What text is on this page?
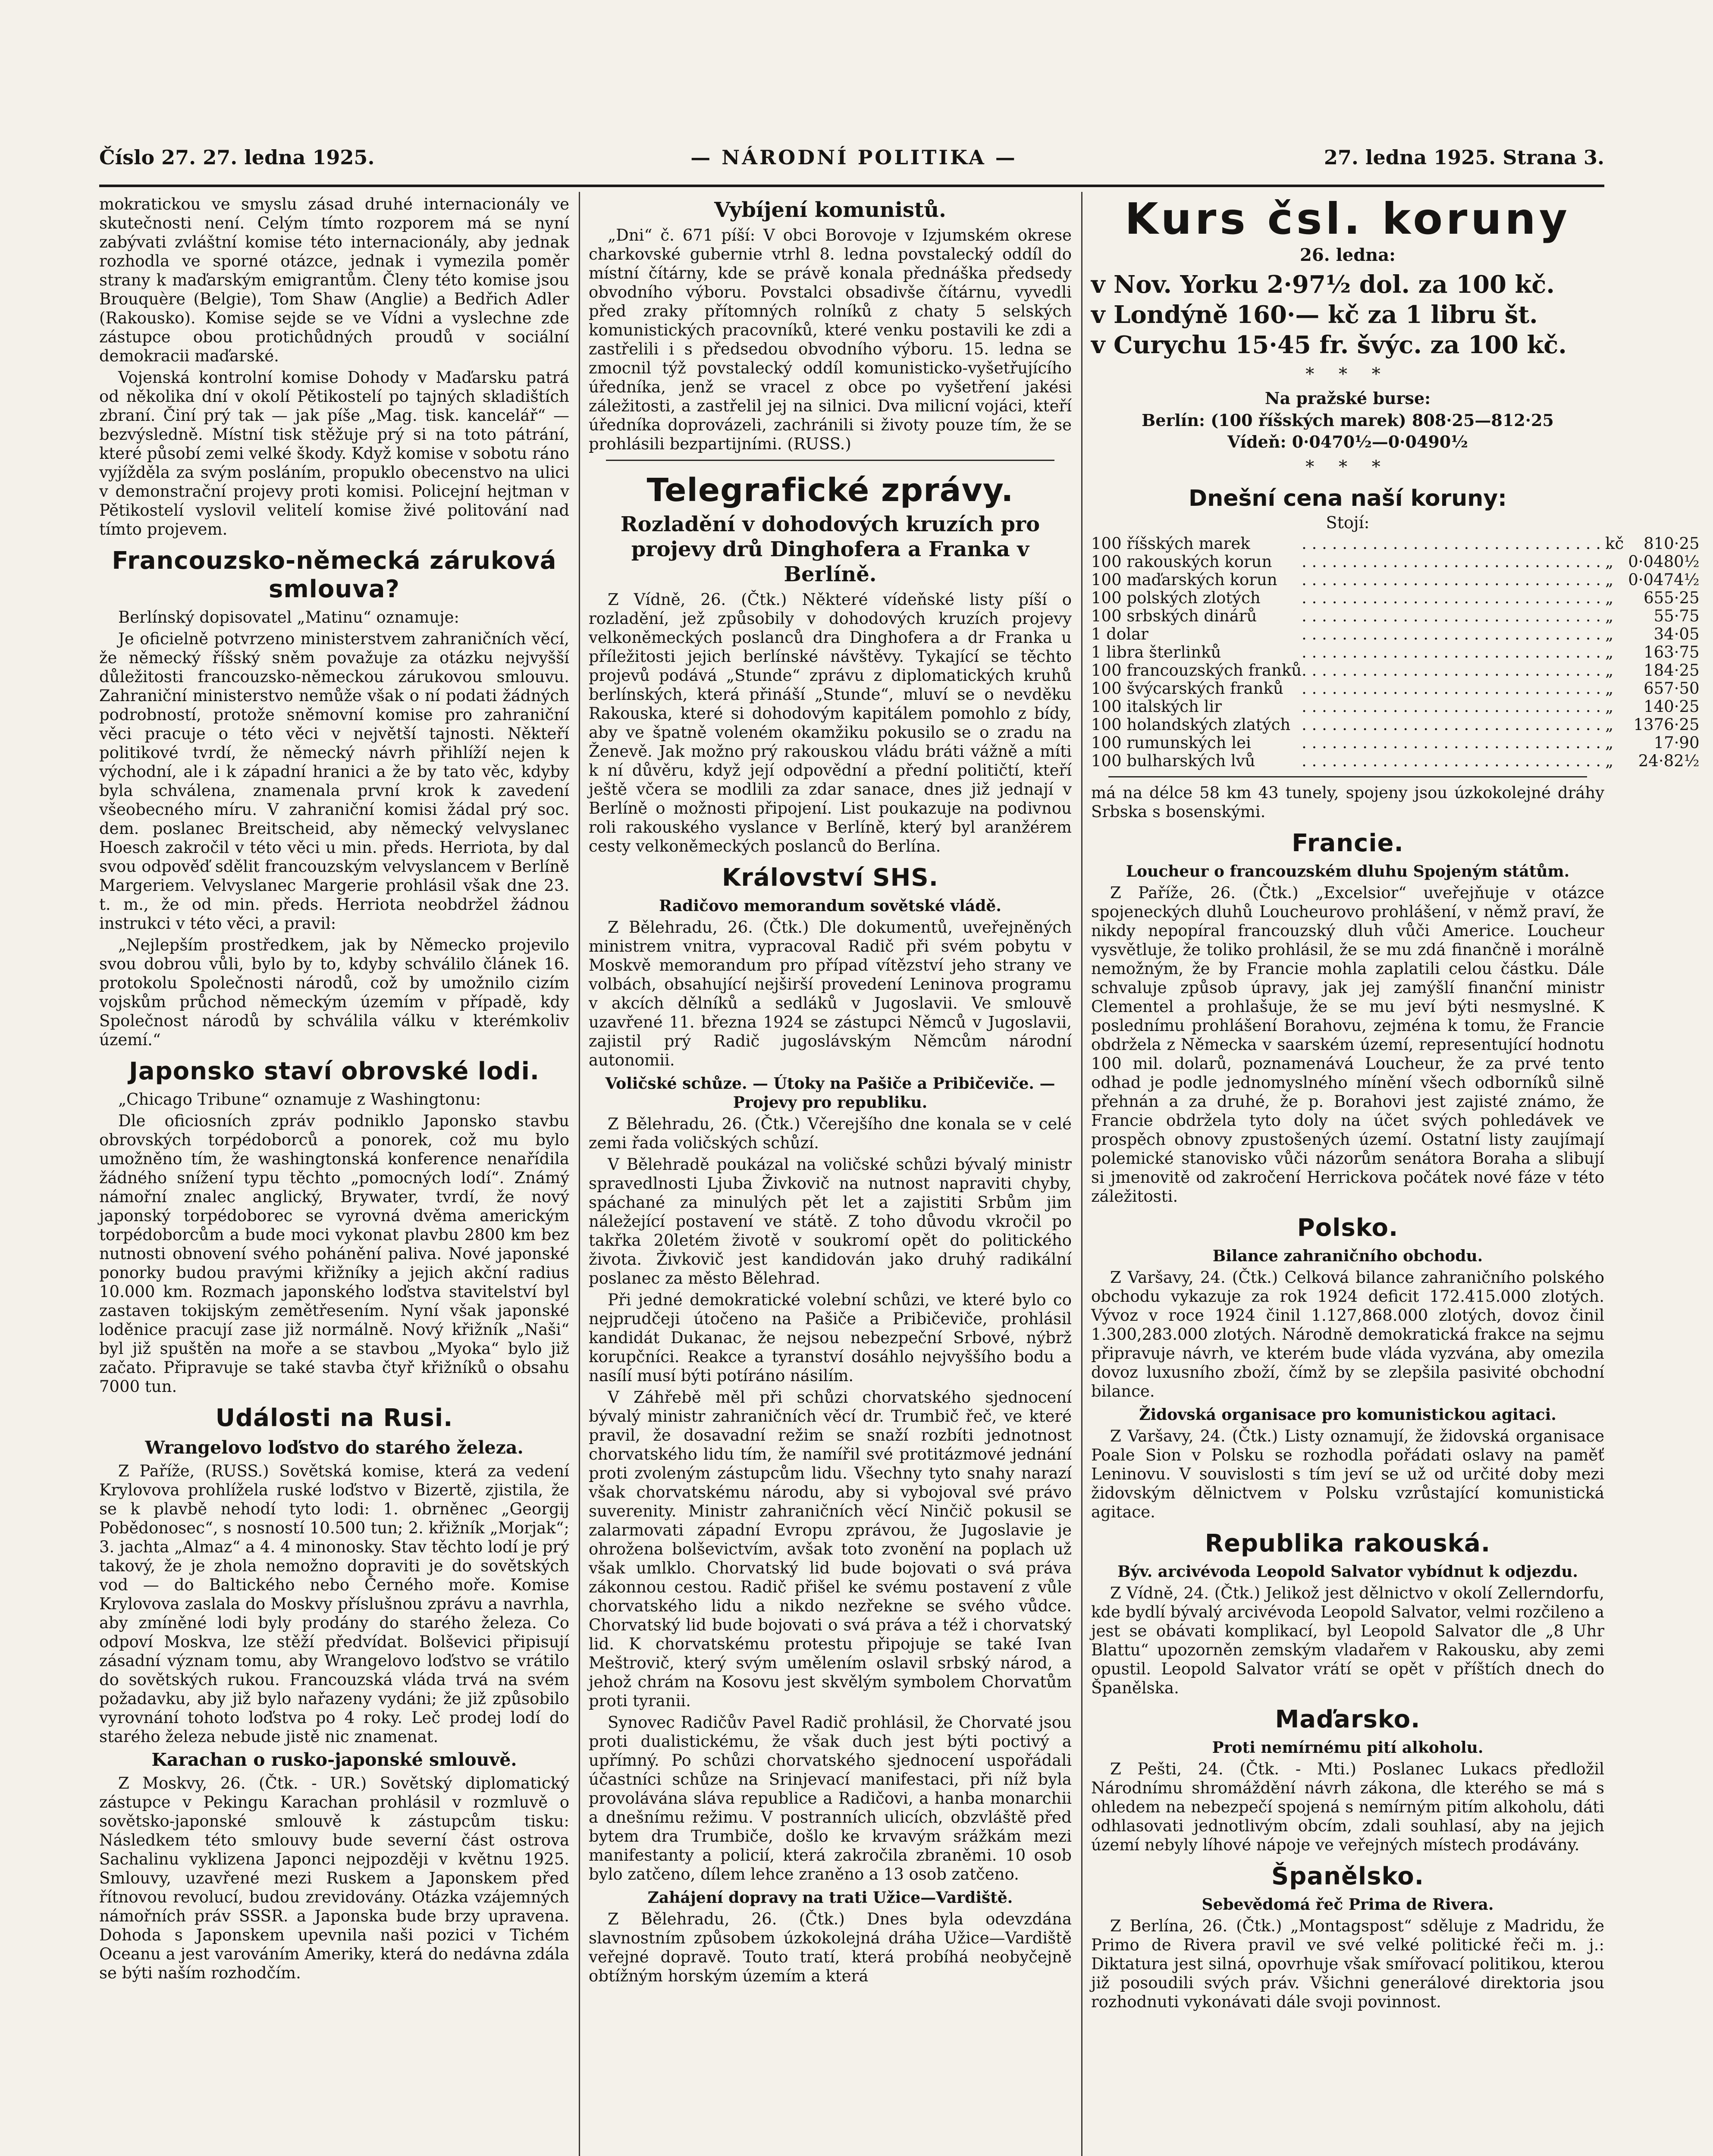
Číslo 27. 27. ledna 1925.	— NÁRODNÍ POLITIKA —	27. ledna 1925. Strana 3.

mokratickou ve smyslu zásad druhé internacionály ve skutečnosti není. Celým tímto rozporem má se nyní zabývati zvláštní komise této internacionály, aby jednak rozhodla ve sporné otázce, jednak i vymezila poměr strany k maďarským emigrantům. Členy této komise jsou Brouquère (Belgie), Tom Shaw (Anglie) a Bedřich Adler (Rakousko). Komise sejde se ve Vídni a vyslechne zde zástupce obou protichůdných proudů v sociální demokracii maďarské.

Vojenská kontrolní komise Dohody v Maďarsku patrá od několika dní v okolí Pětikostelí po tajných skladištích zbraní. Činí prý tak — jak píše „Mag. tisk. kancelář“ — bezvýsledně. Místní tisk stěžuje prý si na toto pátrání, které působí zemi velké škody. Když komise v sobotu ráno vyjížděla za svým posláním, propuklo obecenstvo na ulici v demonstrační projevy proti komisi. Policejní hejtman v Pětikostelí vyslovil velitelí komise živé politování nad tímto projevem.

Francouzsko-německá záruková smlouva?

Berlínský dopisovatel „Matinu“ oznamuje:

Je oficielně potvrzeno ministerstvem zahraničních věcí, že německý říšský sněm považuje za otázku nejvyšší důležitosti francouzsko-německou zárukovou smlouvu. Zahraniční ministerstvo nemůže však o ní podati žádných podrobností, protože sněmovní komise pro zahraniční věci pracuje o této věci v největší tajnosti. Někteří politikové tvrdí, že německý návrh přihlíží nejen k východní, ale i k západní hranici a že by tato věc, kdyby byla schválena, znamenala první krok k zavedení všeobecného míru. V zahraniční komisi žádal prý soc. dem. poslanec Breitscheid, aby německý velvyslanec Hoesch zakročil v této věci u min. předs. Herriota, by dal svou odpověď sdělit francouzským velvyslancem v Berlíně Margeriem. Velvyslanec Margerie prohlásil však dne 23. t. m., že od min. předs. Herriota neobdržel žádnou instrukci v této věci, a pravil:

„Nejlepším prostředkem, jak by Německo projevilo svou dobrou vůli, bylo by to, kdyby schválilo článek 16. protokolu Společnosti národů, což by umožnilo cizím vojskům průchod německým územím v případě, kdy Společnost národů by schválila válku v kterémkoliv území.“

Japonsko staví obrovské lodi.

„Chicago Tribune“ oznamuje z Washingtonu:

Dle oficiosních zpráv podniklo Japonsko stavbu obrovských torpédoborců a ponorek, což mu bylo umožněno tím, že washingtonská konference nenařídila žádného snížení typu těchto „pomocných lodí“. Známý námořní znalec anglický, Brywater, tvrdí, že nový japonský torpédoborec se vyrovná dvěma americkým torpédoborcům a bude moci vykonat plavbu 2800 km bez nutnosti obnovení svého pohánění paliva. Nové japonské ponorky budou pravými křižníky a jejich akční radius 10.000 km. Rozmach japonského loďstva stavitelství byl zastaven tokijským zemětřesením. Nyní však japonské loděnice pracují zase již normálně. Nový křižník „Naši“ byl již spuštěn na moře a se stavbou „Myoka“ bylo již začato. Připravuje se také stavba čtyř křižníků o obsahu 7000 tun.

Události na Rusi.
Wrangelovo loďstvo do starého železa.

Z Paříže, (RUSS.) Sovětská komise, která za vedení Krylovova prohlížela ruské loďstvo v Bizertě, zjistila, že se k plavbě nehodí tyto lodi: 1. obrněnec „Georgij Pobědonosec“, s nosností 10.500 tun; 2. křižník „Morjak“; 3. jachta „Almaz“ a 4. 4 minonosky. Stav těchto lodí je prý takový, že je zhola nemožno dopraviti je do sovětských vod — do Baltického nebo Černého moře. Komise Krylovova zaslala do Moskvy příslušnou zprávu a navrhla, aby zmíněné lodi byly prodány do starého železa. Co odpoví Moskva, lze stěží předvídat. Bolševici připisují zásadní význam tomu, aby Wrangelovo loďstvo se vrátilo do sovětských rukou. Francouzská vláda trvá na svém požadavku, aby již bylo nařazeny vydáni; že již způsobilo vyrovnání tohoto loďstva po 4 roky. Leč prodej lodí do starého železa nebude jistě nic znamenat.

Karachan o rusko-japonské smlouvě.

Z Moskvy, 26. (Čtk. - UR.) Sovětský diplomatický zástupce v Pekingu Karachan prohlásil v rozmluvě o sovětsko-japonské smlouvě k zástupcům tisku: Následkem této smlouvy bude severní část ostrova Sachalinu vyklizena Japonci nejpozději v květnu 1925. Smlouvy, uzavřené mezi Ruskem a Japonskem před řítnovou revolucí, budou zrevidovány. Otázka vzájemných námořních práv SSSR. a Japonska bude brzy upravena. Dohoda s Japonskem upevnila naši pozici v Tichém Oceanu a jest varováním Ameriky, která do nedávna zdála se býti naším rozhodčím.

Vybíjení komunistů.

„Dni“ č. 671 píší: V obci Borovoje v Izjumském okrese charkovské gubernie vtrhl 8. ledna povstalecký oddíl do místní čítárny, kde se právě konala přednáška předsedy obvodního výboru. Povstalci obsadivše čítárnu, vyvedli před zraky přítomných rolníků z chaty 5 selských komunistických pracovníků, které venku postavili ke zdi a zastřelili i s předsedou obvodního výboru. 15. ledna se zmocnil týž povstalecký oddíl komunisticko-vyšetřujícího úředníka, jenž se vracel z obce po vyšetření jakési záležitosti, a zastřelil jej na silnici. Dva milicní vojáci, kteří úředníka doprovázeli, zachránili si životy pouze tím, že se prohlásili bezpartijními. (RUSS.)

Telegrafické zprávy.
Rozladění v dohodových kruzích pro projevy drů Dinghofera a Franka v Berlíně.

Z Vídně, 26. (Čtk.) Některé vídeňské listy píší o rozladění, jež způsobily v dohodových kruzích projevy velkoněmeckých poslanců dra Dinghofera a dr Franka u příležitosti jejich berlínské návštěvy. Tykající se těchto projevů podává „Stunde“ zprávu z diplomatických kruhů berlínských, která přináší „Stunde“, mluví se o nevděku Rakouska, které si dohodovým kapitálem pomohlo z bídy, aby ve špatně voleném okamžiku pokusilo se o zradu na Ženevě. Jak možno prý rakouskou vládu bráti vážně a míti k ní důvěru, když její odpovědní a přední političtí, kteří ještě včera se modlili za zdar sanace, dnes již jednají v Berlíně o možnosti připojení. List poukazuje na podivnou roli rakouského vyslance v Berlíně, který byl aranžérem cesty velkoněmeckých poslanců do Berlína.

Království SHS.
Radičovo memorandum sovětské vládě.

Z Bělehradu, 26. (Čtk.) Dle dokumentů, uveřejněných ministrem vnitra, vypracoval Radič při svém pobytu v Moskvě memorandum pro případ vítězství jeho strany ve volbách, obsahující nejširší provedení Leninova programu v akcích dělníků a sedláků v Jugoslavii. Ve smlouvě uzavřené 11. března 1924 se zástupci Němců v Jugoslavii, zajistil prý Radič jugoslávským Němcům národní autonomii.

Voličské schůze. — Útoky na Pašiče a Pribičeviče. — Projevy pro republiku.

Z Bělehradu, 26. (Čtk.) Včerejšího dne konala se v celé zemi řada voličských schůzí.

V Bělehradě poukázal na voličské schůzi bývalý ministr spravedlnosti Ljuba Živkovič na nutnost napraviti chyby, spáchané za minulých pět let a zajistiti Srbům jim náležející postavení ve státě. Z toho důvodu vkročil po takřka 20letém životě v soukromí opět do politického života. Živkovič jest kandidován jako druhý radikální poslanec za město Bělehrad.

Při jedné demokratické volební schůzi, ve které bylo co nejprudčeji útočeno na Pašiče a Pribičeviče, prohlásil kandidát Dukanac, že nejsou nebezpeční Srbové, nýbrž korupčníci. Reakce a tyranství dosáhlo nejvyššího bodu a nasílí musí býti potíráno násilím.

V Záhřebě měl při schůzi chorvatského sjednocení bývalý ministr zahraničních věcí dr. Trumbič řeč, ve které pravil, že dosavadní režim se snaží rozbíti jednotnost chorvatského lidu tím, že namířil své protitázmové jednání proti zvoleným zástupcům lidu. Všechny tyto snahy narazí však chorvatskému národu, aby si vybojoval své právo suverenity. Ministr zahraničních věcí Ninčič pokusil se zalarmovati západní Evropu zprávou, že Jugoslavie je ohrožena bolševictvím, avšak toto zvonění na poplach už však umlklo. Chorvatský lid bude bojovati o svá práva zákonnou cestou. Radič přišel ke svému postavení z vůle chorvatského lidu a nikdo nezřekne se svého vůdce. Chorvatský lid bude bojovati o svá práva a též i chorvatský lid. K chorvatskému protestu připojuje se také Ivan Meštrovič, který svým umělením oslavil srbský národ, a jehož chrám na Kosovu jest skvělým symbolem Chorvatům proti tyranii.

Synovec Radičův Pavel Radič prohlásil, že Chorvaté jsou proti dualistickému, že však duch jest býti poctivý a upřímný. Po schůzi chorvatského sjednocení uspořádali účastníci schůze na Srinjevací manifestaci, při níž byla provolávána sláva republice a Radičovi, a hanba monarchii a dnešnímu režimu. V postranních ulicích, obzvláště před bytem dra Trumbiče, došlo ke krvavým srážkám mezi manifestanty a policií, která zakročila zbraněmi. 10 osob bylo zatčeno, dílem lehce zraněno a 13 osob zatčeno.

Zahájení dopravy na trati Užice—Vardiště.

Z Bělehradu, 26. (Čtk.) Dnes byla odevzdána slavnostním způsobem úzkokolejná dráha Užice—Vardiště veřejné dopravě. Touto tratí, která probíhá neobyčejně obtížným horským územím a která

Kurs čsl. koruny
26. ledna:
v Nov. Yorku 2·97½ dol. za 100 kč.
v Londýně 160·— kč za 1 libru št.
v Curychu 15·45 fr. švýc. za 100 kč.
* * *
Na pražské burse:
Berlín: (100 říšských marek) 808·25—812·25
Vídeň: 0·0470½—0·0490½
* * *
Dnešní cena naší koruny:
Stojí:
100 říšských marek	. . . . . . . . . . . . . . . . . . . . . . . . . . . . . .	kč	810·25
100 rakouských korun	. . . . . . . . . . . . . . . . . . . . . . . . . . . . . .	„	0·0480½
100 maďarských korun	. . . . . . . . . . . . . . . . . . . . . . . . . . . . . .	„	0·0474½
100 polských zlotých	. . . . . . . . . . . . . . . . . . . . . . . . . . . . . .	„	655·25
100 srbských dinárů	. . . . . . . . . . . . . . . . . . . . . . . . . . . . . .	„	55·75
1 dolar	. . . . . . . . . . . . . . . . . . . . . . . . . . . . . .	„	34·05
1 libra šterlinků	. . . . . . . . . . . . . . . . . . . . . . . . . . . . . .	„	163·75
100 francouzských franků	. . . . . . . . . . . . . . . . . . . . . . . . . . . . . .	„	184·25
100 švýcarských franků	. . . . . . . . . . . . . . . . . . . . . . . . . . . . . .	„	657·50
100 italských lir	. . . . . . . . . . . . . . . . . . . . . . . . . . . . . .	„	140·25
100 holandských zlatých	. . . . . . . . . . . . . . . . . . . . . . . . . . . . . .	„	1376·25
100 rumunských lei	. . . . . . . . . . . . . . . . . . . . . . . . . . . . . .	„	17·90
100 bulharských lvů	. . . . . . . . . . . . . . . . . . . . . . . . . . . . . .	„	24·82½

má na délce 58 km 43 tunely, spojeny jsou úzkokolejné dráhy Srbska s bosenskými.

Francie.
Loucheur o francouzském dluhu Spojeným státům.

Z Paříže, 26. (Čtk.) „Excelsior“ uveřejňuje v otázce spojeneckých dluhů Loucheurovo prohlášení, v němž praví, že nikdy nepopíral francouzský dluh vůči Americe. Loucheur vysvětluje, že toliko prohlásil, že se mu zdá finančně i morálně nemožným, že by Francie mohla zaplatili celou částku. Dále schvaluje způsob úpravy, jak jej zamýšlí finanční ministr Clementel a prohlašuje, že se mu jeví býti nesmyslné. K poslednímu prohlášení Borahovu, zejména k tomu, že Francie obdržela z Německa v saarském území, representující hodnotu 100 mil. dolarů, poznamenává Loucheur, že za prvé tento odhad je podle jednomyslného mínění všech odborníků silně přehnán a za druhé, že p. Borahovi jest zajisté známo, že Francie obdržela tyto doly na účet svých pohledávek ve prospěch obnovy zpustošených území. Ostatní listy zaujímají polemické stanovisko vůči názorům senátora Boraha a slibují si jmenovitě od zakročení Herrickova počátek nové fáze v této záležitosti.

Polsko.
Bilance zahraničního obchodu.

Z Varšavy, 24. (Čtk.) Celková bilance zahraničního polského obchodu vykazuje za rok 1924 deficit 172.415.000 zlotých. Vývoz v roce 1924 činil 1.127,868.000 zlotých, dovoz činil 1.300,283.000 zlotých. Národně demokratická frakce na sejmu připravuje návrh, ve kterém bude vláda vyzvána, aby omezila dovoz luxusního zboží, čímž by se zlepšila pasivité obchodní bilance.

Židovská organisace pro komunistickou agitaci.

Z Varšavy, 24. (Čtk.) Listy oznamují, že židovská organisace Poale Sion v Polsku se rozhodla pořádati oslavy na paměť Leninovu. V souvislosti s tím jeví se už od určité doby mezi židovským dělnictvem v Polsku vzrůstající komunistická agitace.

Republika rakouská.
Býv. arcivévoda Leopold Salvator vybídnut k odjezdu.

Z Vídně, 24. (Čtk.) Jelikož jest dělnictvo v okolí Zellerndorfu, kde bydlí bývalý arcivévoda Leopold Salvator, velmi rozčileno a jest se obávati komplikací, byl Leopold Salvator dle „8 Uhr Blattu“ upozorněn zemským vladařem v Rakousku, aby zemi opustil. Leopold Salvator vrátí se opět v příštích dnech do Španělska.

Maďarsko.
Proti nemírnému pití alkoholu.

Z Pešti, 24. (Čtk. - Mti.) Poslanec Lukacs předložil Národnímu shromáždění návrh zákona, dle kterého se má s ohledem na nebezpečí spojená s nemírným pitím alkoholu, dáti odhlasovati jednotlivým obcím, zdali souhlasí, aby na jejich území nebyly líhové nápoje ve veřejných místech prodávány.

Španělsko.
Sebevědomá řeč Prima de Rivera.

Z Berlína, 26. (Čtk.) „Montagspost“ sděluje z Madridu, že Primo de Rivera pravil ve své velké politické řeči m. j.: Diktatura jest silná, opovrhuje však smířovací politikou, kterou již posoudili svých práv. Všichni generálové direktoria jsou rozhodnuti vykonávati dále svoji povinnost.
